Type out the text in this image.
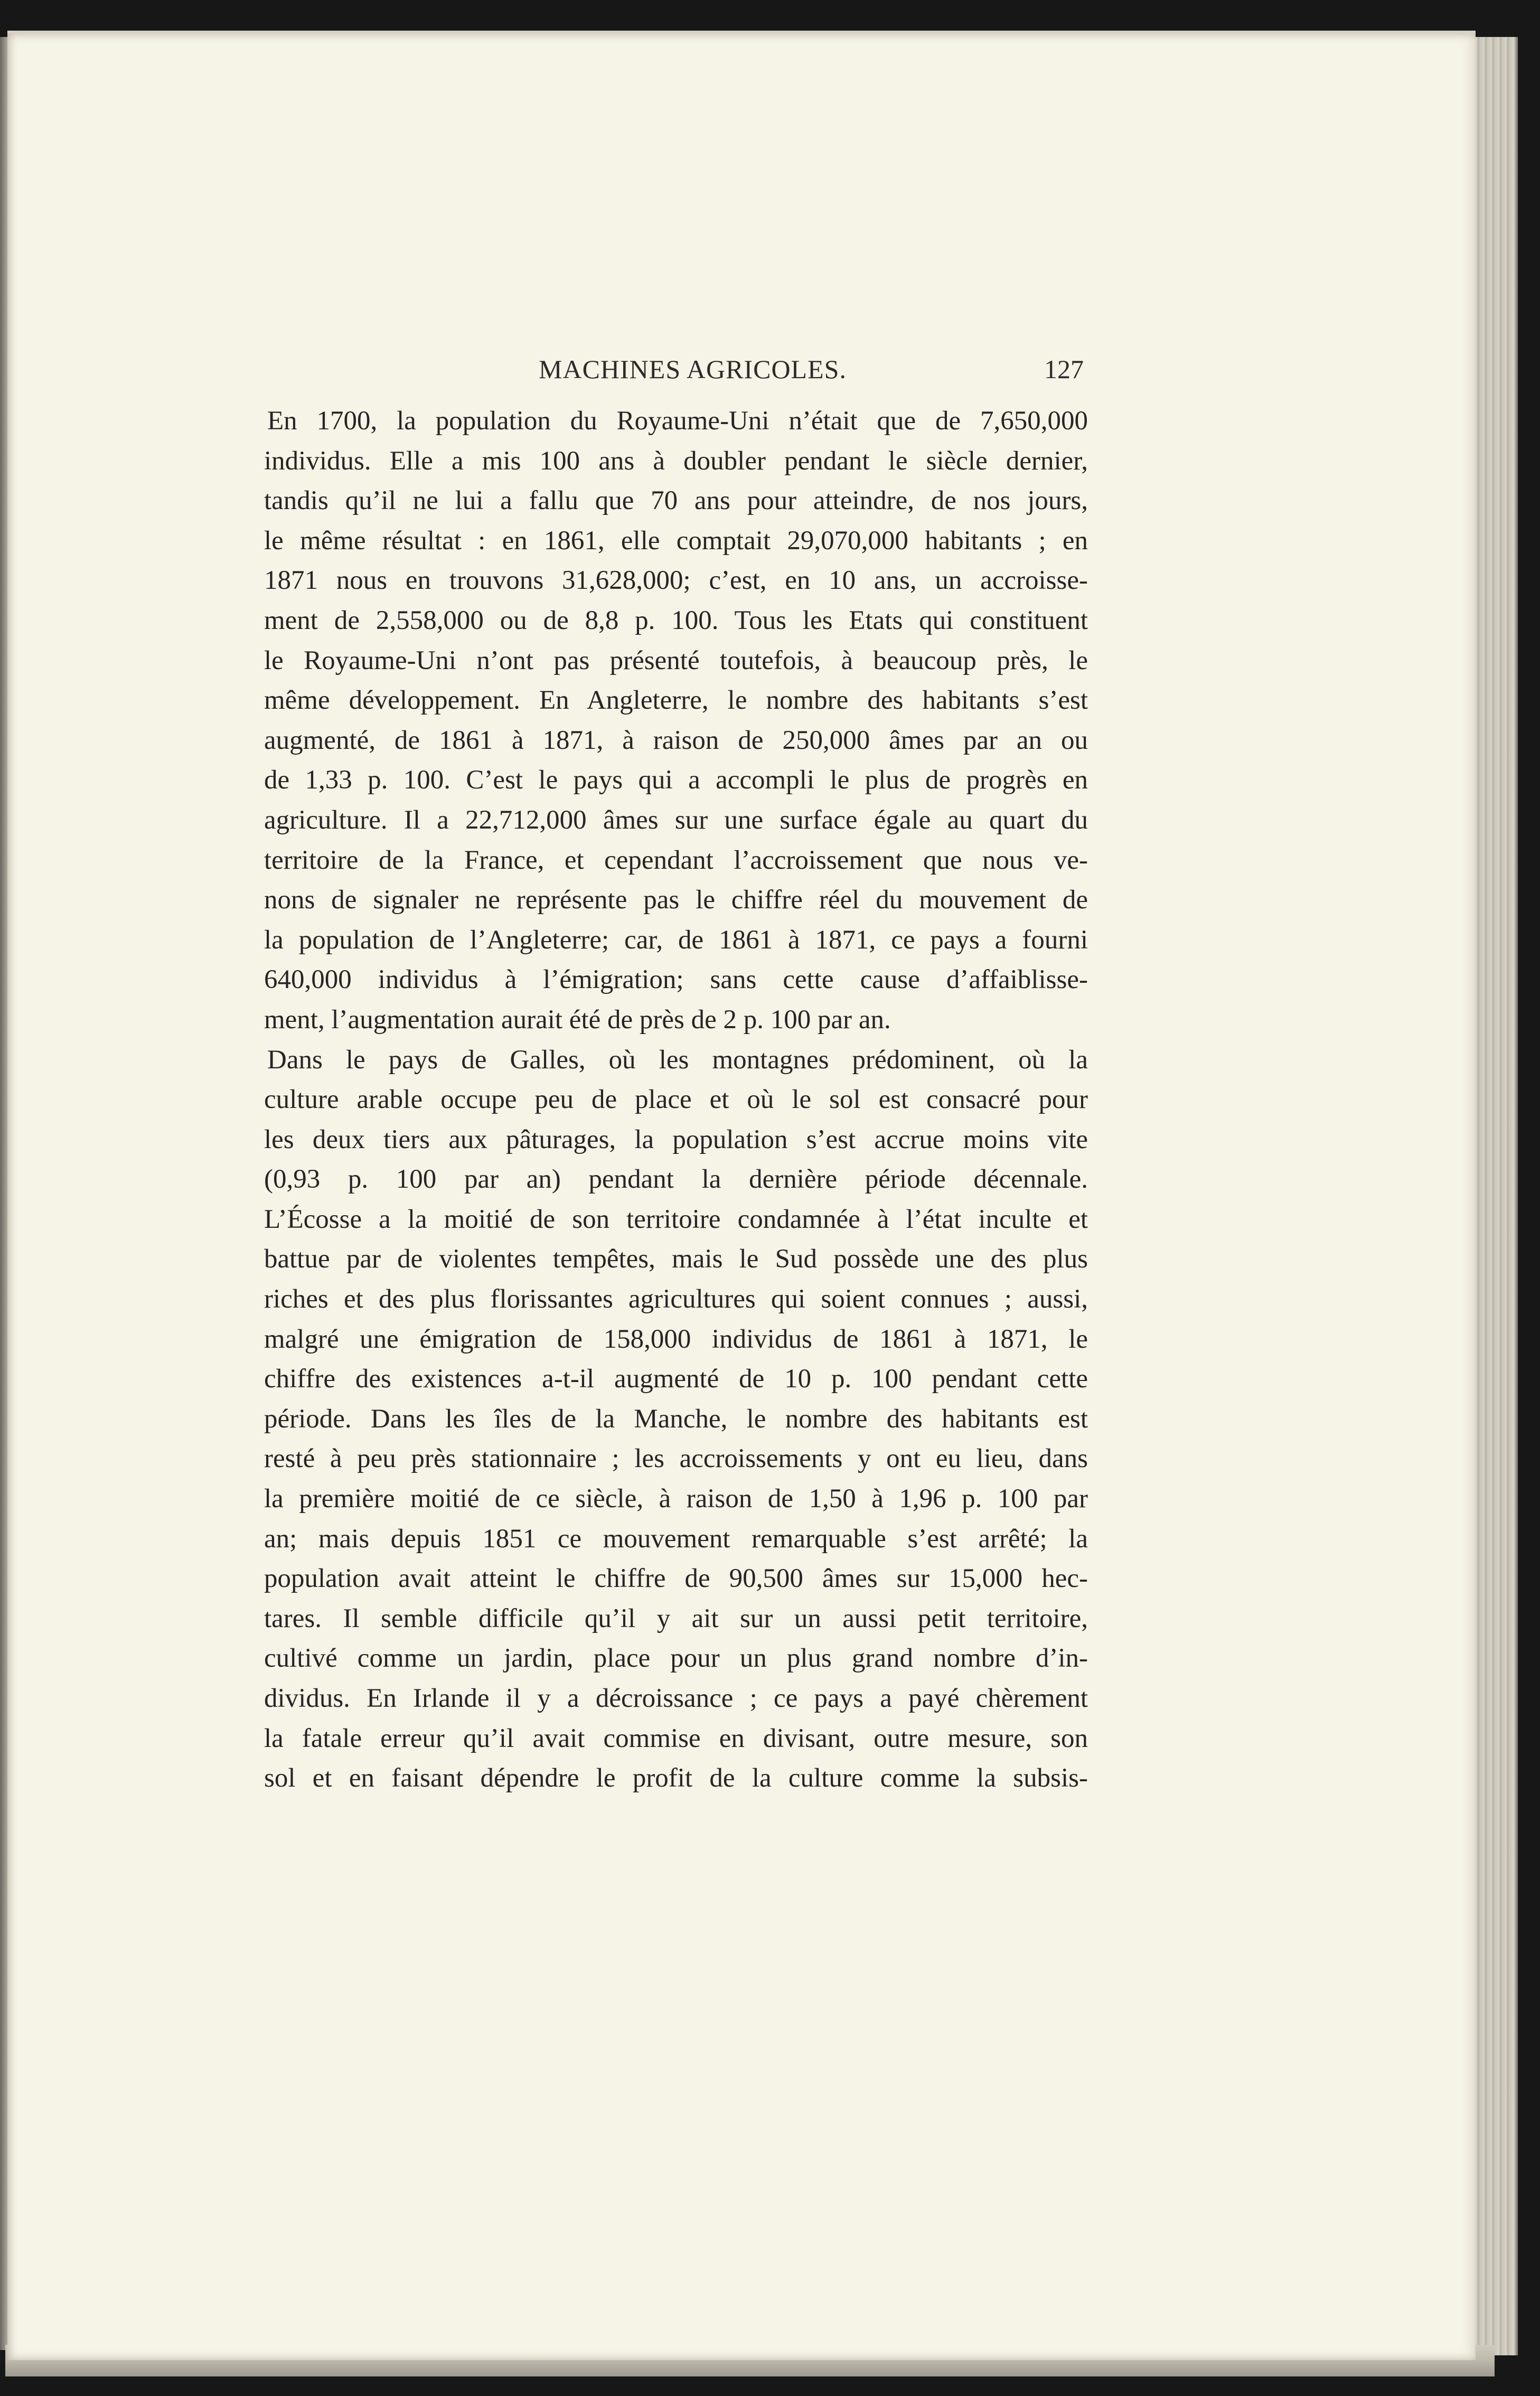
MACHINES AGRICOLES.	127
En 1700, la population du Royaume-Uni n’était que de 7,650,000
individus. Elle a mis 100 ans à doubler pendant le siècle dernier,
tandis qu’il ne lui a fallu que 70 ans pour atteindre, de nos jours,
le même résultat : en 1861, elle comptait 29,070,000 habitants ; en
1871 nous en trouvons 31,628,000; c’est, en 10 ans, un accroisse-
ment de 2,558,000 ou de 8,8 p. 100. Tous les Etats qui constituent
le Royaume-Uni n’ont pas présenté toutefois, à beaucoup près, le
même développement. En Angleterre, le nombre des habitants s’est
augmenté, de 1861 à 1871, à raison de 250,000 âmes par an ou
de 1,33 p. 100. C’est le pays qui a accompli le plus de progrès en
agriculture. Il a 22,712,000 âmes sur une surface égale au quart du
territoire de la France, et cependant l’accroissement que nous ve-
nons de signaler ne représente pas le chiffre réel du mouvement de
la population de l’Angleterre; car, de 1861 à 1871, ce pays a fourni
640,000 individus à l’émigration; sans cette cause d’affaiblisse-
ment, l’augmentation aurait été de près de 2 p. 100 par an.
Dans le pays de Galles, où les montagnes prédominent, où la
culture arable occupe peu de place et où le sol est consacré pour
les deux tiers aux pâturages, la population s’est accrue moins vite
(0,93 p. 100 par an) pendant la dernière période décennale.
L’Écosse a la moitié de son territoire condamnée à l’état inculte et
battue par de violentes tempêtes, mais le Sud possède une des plus
riches et des plus florissantes agricultures qui soient connues ; aussi,
malgré une émigration de 158,000 individus de 1861 à 1871, le
chiffre des existences a-t-il augmenté de 10 p. 100 pendant cette
période. Dans les îles de la Manche, le nombre des habitants est
resté à peu près stationnaire ; les accroissements y ont eu lieu, dans
la première moitié de ce siècle, à raison de 1,50 à 1,96 p. 100 par
an; mais depuis 1851 ce mouvement remarquable s’est arrêté; la
population avait atteint le chiffre de 90,500 âmes sur 15,000 hec-
tares. Il semble difficile qu’il y ait sur un aussi petit territoire,
cultivé comme un jardin, place pour un plus grand nombre d’in-
dividus. En Irlande il y a décroissance ; ce pays a payé chèrement
la fatale erreur qu’il avait commise en divisant, outre mesure, son
sol et en faisant dépendre le profit de la culture comme la subsis-
